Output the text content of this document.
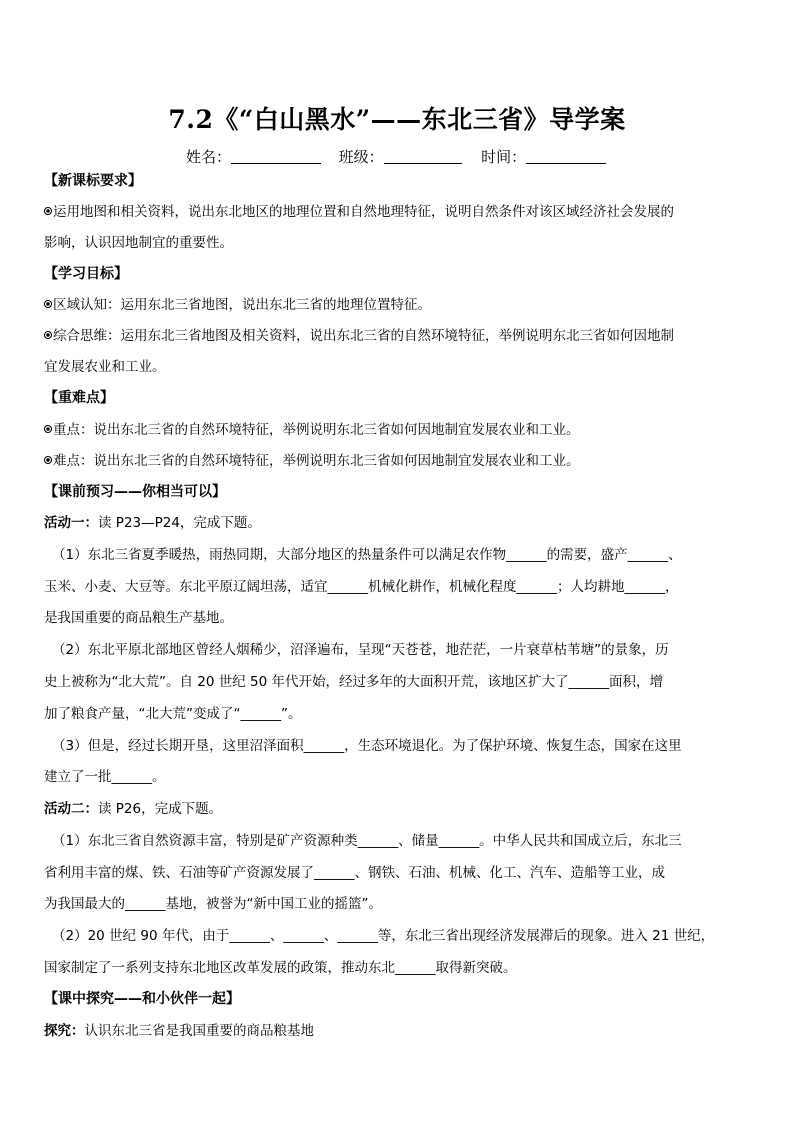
7.2《“白山黑水”——东北三省》导学案
姓名：	班级：	时间：
【新课标要求】
运用地图和相关资料，说出东北地区的地理位置和自然地理特征，说明自然条件对该区域经济社会发展的
影响，认识因地制宜的重要性。
【学习目标】
区域认知：运用东北三省地图，说出东北三省的地理位置特征。
综合思维：运用东北三省地图及相关资料，说出东北三省的自然环境特征，举例说明东北三省如何因地制
宜发展农业和工业。
【重难点】
重点：说出东北三省的自然环境特征，举例说明东北三省如何因地制宜发展农业和工业。
难点：说出东北三省的自然环境特征，举例说明东北三省如何因地制宜发展农业和工业。
【课前预习——你相当可以】
活动一：读 P23—P24，完成下题。
（1）东北三省夏季暖热，雨热同期，大部分地区的热量条件可以满足农作物______的需要，盛产______、
玉米、小麦、大豆等。东北平原辽阔坦荡，适宜______机械化耕作，机械化程度______；人均耕地______，
是我国重要的商品粮生产基地。
（2）东北平原北部地区曾经人烟稀少，沼泽遍布，呈现“天苍苍，地茫茫，一片衰草枯苇塘”的景象，历
史上被称为“北大荒”。自 20 世纪 50 年代开始，经过多年的大面积开荒，该地区扩大了______面积，增
加了粮食产量，“北大荒”变成了“______”。
（3）但是，经过长期开垦，这里沼泽面积______，生态环境退化。为了保护环境、恢复生态，国家在这里
建立了一批______。
活动二：读 P26，完成下题。
（1）东北三省自然资源丰富，特别是矿产资源种类______、储量______。中华人民共和国成立后，东北三
省利用丰富的煤、铁、石油等矿产资源发展了______、钢铁、石油、机械、化工、汽车、造船等工业，成
为我国最大的______基地，被誉为“新中国工业的摇篮”。
（2）20 世纪 90 年代，由于______、______、______等，东北三省出现经济发展滞后的现象。进入 21 世纪，
国家制定了一系列支持东北地区改革发展的政策，推动东北______取得新突破。
【课中探究——和小伙伴一起】
探究：认识东北三省是我国重要的商品粮基地
